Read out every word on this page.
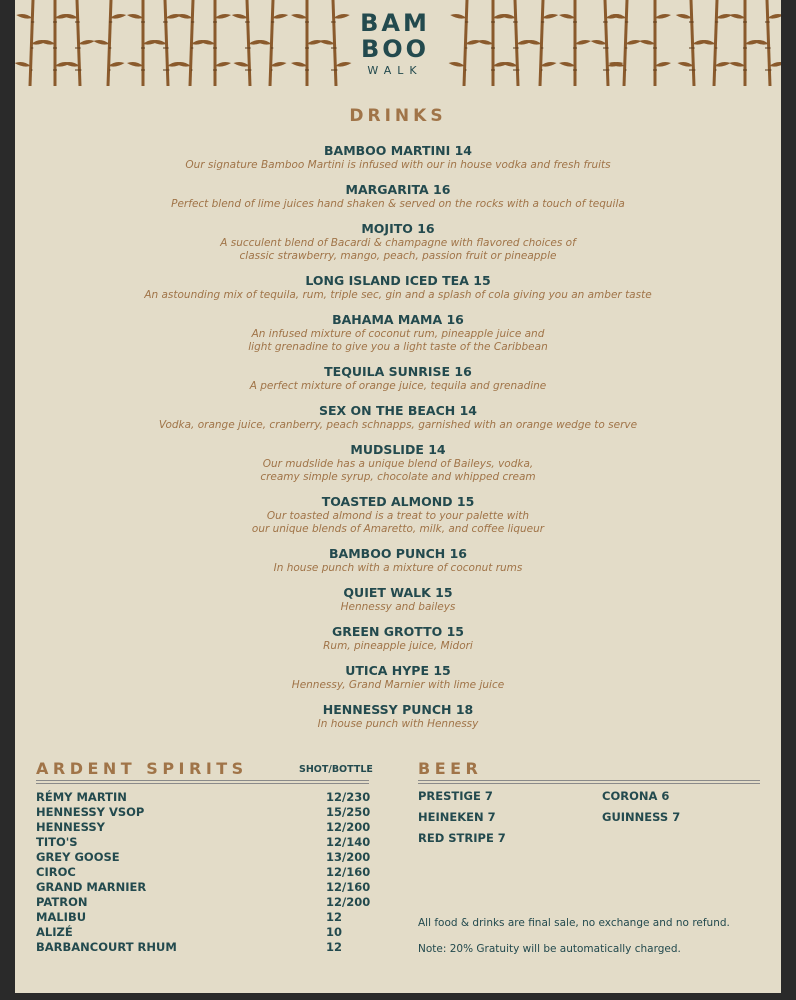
BAM
BOO
WALK
DRINKS
BAMBOO MARTINI 14
Our signature Bamboo Martini is infused with our in house vodka and fresh fruits
MARGARITA 16
Perfect blend of lime juices hand shaken & served on the rocks with a touch of tequila
MOJITO 16
A succulent blend of Bacardi & champagne with flavored choices of
classic strawberry, mango, peach, passion fruit or pineapple
LONG ISLAND ICED TEA 15
An astounding mix of tequila, rum, triple sec, gin and a splash of cola giving you an amber taste
BAHAMA MAMA 16
An infused mixture of coconut rum, pineapple juice and
light grenadine to give you a light taste of the Caribbean
TEQUILA SUNRISE 16
A perfect mixture of orange juice, tequila and grenadine
SEX ON THE BEACH 14
Vodka, orange juice, cranberry, peach schnapps, garnished with an orange wedge to serve
MUDSLIDE 14
Our mudslide has a unique blend of Baileys, vodka,
creamy simple syrup, chocolate and whipped cream
TOASTED ALMOND 15
Our toasted almond is a treat to your palette with
our unique blends of Amaretto, milk, and coffee liqueur
BAMBOO PUNCH 16
In house punch with a mixture of coconut rums
QUIET WALK 15
Hennessy and baileys
GREEN GROTTO 15
Rum, pineapple juice, Midori
UTICA HYPE 15
Hennessy, Grand Marnier with lime juice
HENNESSY PUNCH 18
In house punch with Hennessy
ARDENT SPIRITS	SHOT/BOTTLE
RÉMY MARTIN	12/230
HENNESSY VSOP	15/250
HENNESSY	12/200
TITO'S	12/140
GREY GOOSE	13/200
CIROC	12/160
GRAND MARNIER	12/160
PATRON	12/200
MALIBU	12
ALIZÉ	10
BARBANCOURT RHUM	12
BEER
PRESTIGE 7	CORONA 6
HEINEKEN 7	GUINNESS 7
RED STRIPE 7
All food & drinks are final sale, no exchange and no refund.
Note: 20% Gratuity will be automatically charged.
